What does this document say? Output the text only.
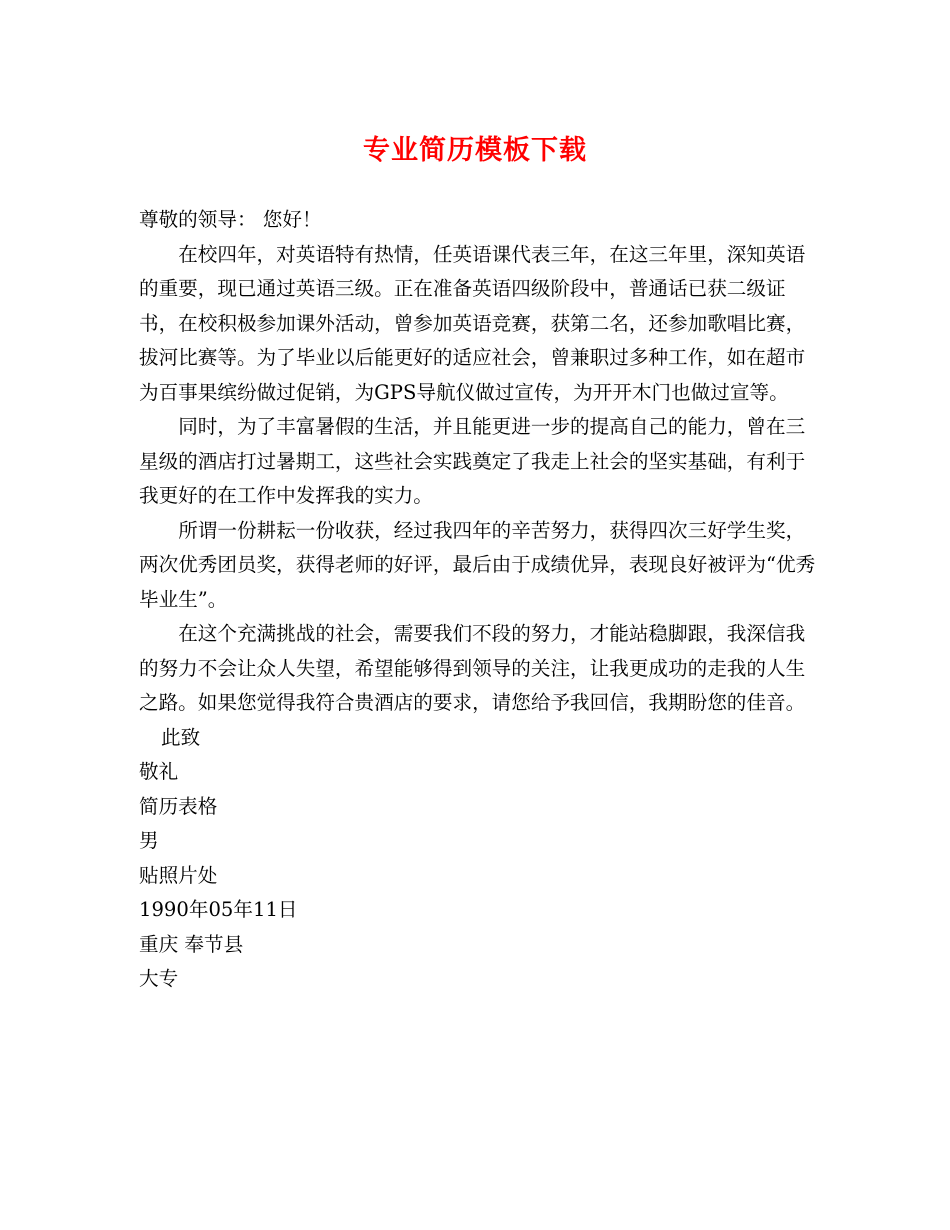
专业简历模板下载

尊敬的领导： 您好！

在校四年，对英语特有热情，任英语课代表三年，在这三年里，深知英语的重要，现已通过英语三级。正在准备英语四级阶段中，普通话已获二级证书，在校积极参加课外活动，曾参加英语竞赛，获第二名，还参加歌唱比赛，拔河比赛等。为了毕业以后能更好的适应社会，曾兼职过多种工作，如在超市为百事果缤纷做过促销，为GPS导航仪做过宣传，为开开木门也做过宣等。

同时，为了丰富暑假的生活，并且能更进一步的提高自己的能力，曾在三星级的酒店打过暑期工，这些社会实践奠定了我走上社会的坚实基础，有利于我更好的在工作中发挥我的实力。

所谓一份耕耘一份收获，经过我四年的辛苦努力，获得四次三好学生奖，两次优秀团员奖，获得老师的好评，最后由于成绩优异，表现良好被评为“优秀毕业生”。

在这个充满挑战的社会，需要我们不段的努力，才能站稳脚跟，我深信我的努力不会让众人失望，希望能够得到领导的关注，让我更成功的走我的人生之路。如果您觉得我符合贵酒店的要求，请您给予我回信，我期盼您的佳音。

此致

敬礼

简历表格

男

贴照片处

1990年05年11日

重庆 奉节县

大专
